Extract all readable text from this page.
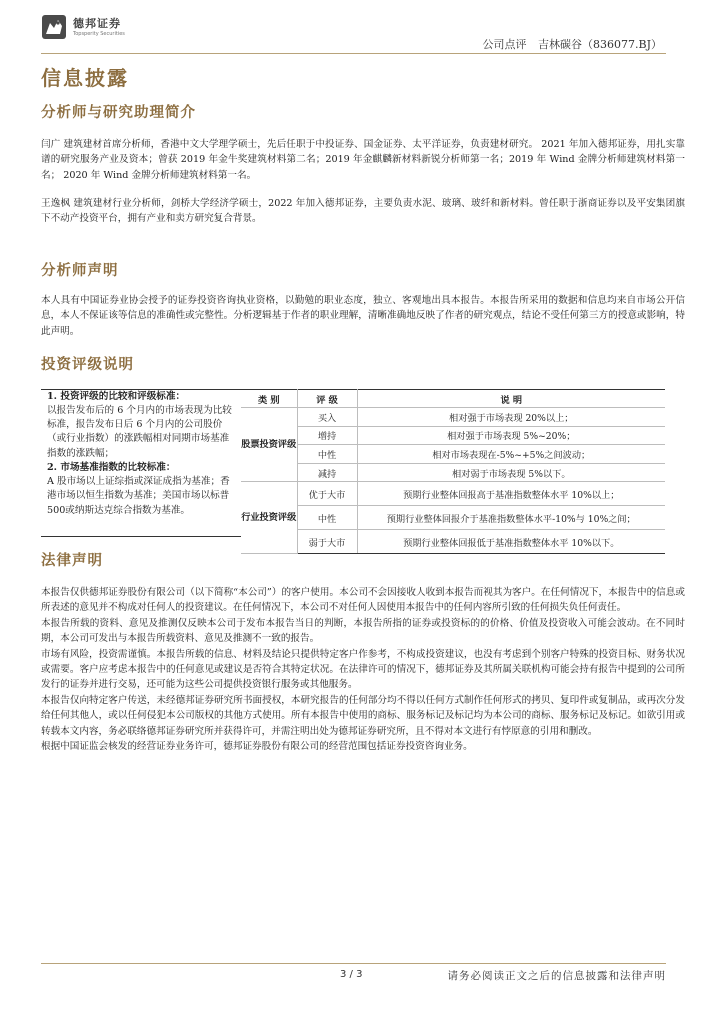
德邦证券
Topsperity Securities
公司点评 吉林碳谷（836077.BJ）
信息披露
分析师与研究助理简介
闫广 建筑建材首席分析师，香港中文大学理学硕士，先后任职于中投证券、国金证券、太平洋证券，负责建材研究。 2021 年加入德邦证券，用扎实靠谱的研究服务产业及资本；曾获 2019 年金牛奖建筑材料第二名；2019 年金麒麟新材料新锐分析师第一名；2019 年 Wind 金牌分析师建筑材料第一名； 2020 年 Wind 金牌分析师建筑材料第一名。
王逸枫 建筑建材行业分析师，剑桥大学经济学硕士，2022 年加入德邦证券，主要负责水泥、玻璃、玻纤和新材料。曾任职于浙商证券以及平安集团旗下不动产投资平台，拥有产业和卖方研究复合背景。
分析师声明
本人具有中国证券业协会授予的证券投资咨询执业资格，以勤勉的职业态度，独立、客观地出具本报告。本报告所采用的数据和信息均来自市场公开信息，本人不保证该等信息的准确性或完整性。分析逻辑基于作者的职业理解，清晰准确地反映了作者的研究观点，结论不受任何第三方的授意或影响，特此声明。
投资评级说明
1. 投资评级的比较和评级标准：
以报告发布后的 6 个月内的市场表现为比较标准，报告发布日后 6 个月内的公司股价（或行业指数）的涨跌幅相对同期市场基准指数的涨跌幅；
2. 市场基准指数的比较标准：
A 股市场以上证综指或深证成指为基准；香港市场以恒生指数为基准；美国市场以标普500或纳斯达克综合指数为基准。
类 别	评 级	说 明
股票投资评级	买入	相对强于市场表现 20%以上；
	增持	相对强于市场表现 5%~20%；
	中性	相对市场表现在-5%~+5%之间波动；
	减持	相对弱于市场表现 5%以下。
行业投资评级	优于大市	预期行业整体回报高于基准指数整体水平 10%以上；
	中性	预期行业整体回报介于基准指数整体水平-10%与 10%之间；
	弱于大市	预期行业整体回报低于基准指数整体水平 10%以下。
法律声明

本报告仅供德邦证券股份有限公司（以下简称“本公司”）的客户使用。本公司不会因接收人收到本报告而视其为客户。在任何情况下，本报告中的信息或所表述的意见并不构成对任何人的投资建议。在任何情况下，本公司不对任何人因使用本报告中的任何内容所引致的任何损失负任何责任。

本报告所载的资料、意见及推测仅反映本公司于发布本报告当日的判断，本报告所指的证券或投资标的的价格、价值及投资收入可能会波动。在不同时期，本公司可发出与本报告所载资料、意见及推测不一致的报告。

市场有风险，投资需谨慎。本报告所载的信息、材料及结论只提供特定客户作参考，不构成投资建议，也没有考虑到个别客户特殊的投资目标、财务状况或需要。客户应考虑本报告中的任何意见或建议是否符合其特定状况。在法律许可的情况下，德邦证券及其所属关联机构可能会持有报告中提到的公司所发行的证券并进行交易，还可能为这些公司提供投资银行服务或其他服务。

本报告仅向特定客户传送，未经德邦证券研究所书面授权，本研究报告的任何部分均不得以任何方式制作任何形式的拷贝、复印件或复制品，或再次分发给任何其他人，或以任何侵犯本公司版权的其他方式使用。所有本报告中使用的商标、服务标记及标记均为本公司的商标、服务标记及标记。如欲引用或转载本文内容，务必联络德邦证券研究所并获得许可，并需注明出处为德邦证券研究所，且不得对本文进行有悖原意的引用和删改。

根据中国证监会核发的经营证券业务许可，德邦证券股份有限公司的经营范围包括证券投资咨询业务。

3 / 3	请务必阅读正文之后的信息披露和法律声明
